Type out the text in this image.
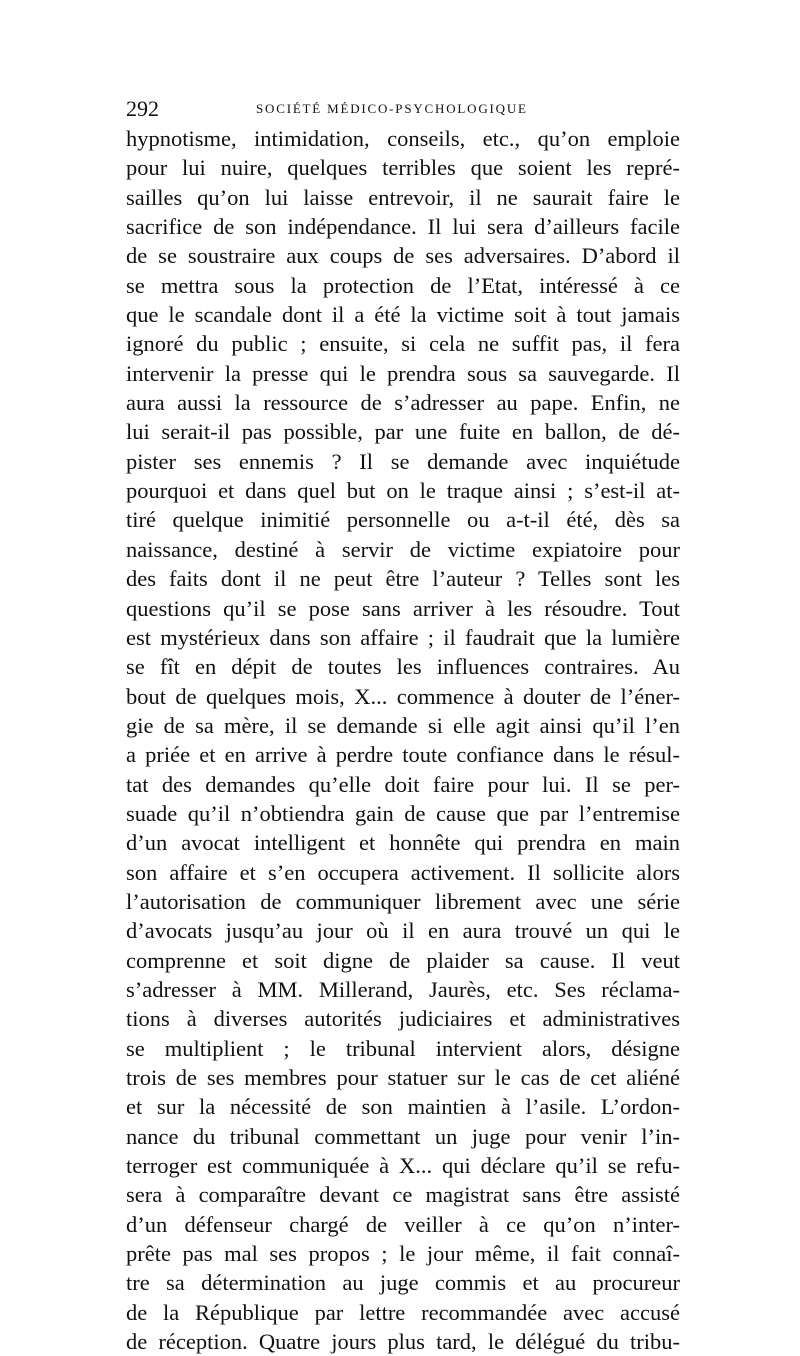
292	SOCIÉTÉ MÉDICO-PSYCHOLOGIQUE
hypnotisme, intimidation, conseils, etc., qu’on emploie
pour lui nuire, quelques terribles que soient les repré-
sailles qu’on lui laisse entrevoir, il ne saurait faire le
sacrifice de son indépendance. Il lui sera d’ailleurs facile
de se soustraire aux coups de ses adversaires. D’abord il
se mettra sous la protection de l’Etat, intéressé à ce
que le scandale dont il a été la victime soit à tout jamais
ignoré du public ; ensuite, si cela ne suffit pas, il fera
intervenir la presse qui le prendra sous sa sauvegarde. Il
aura aussi la ressource de s’adresser au pape. Enfin, ne
lui serait-il pas possible, par une fuite en ballon, de dé-
pister ses ennemis ? Il se demande avec inquiétude
pourquoi et dans quel but on le traque ainsi ; s’est-il at-
tiré quelque inimitié personnelle ou a-t-il été, dès sa
naissance, destiné à servir de victime expiatoire pour
des faits dont il ne peut être l’auteur ? Telles sont les
questions qu’il se pose sans arriver à les résoudre. Tout
est mystérieux dans son affaire ; il faudrait que la lumière
se fît en dépit de toutes les influences contraires. Au
bout de quelques mois, X... commence à douter de l’éner-
gie de sa mère, il se demande si elle agit ainsi qu’il l’en
a priée et en arrive à perdre toute confiance dans le résul-
tat des demandes qu’elle doit faire pour lui. Il se per-
suade qu’il n’obtiendra gain de cause que par l’entremise
d’un avocat intelligent et honnête qui prendra en main
son affaire et s’en occupera activement. Il sollicite alors
l’autorisation de communiquer librement avec une série
d’avocats jusqu’au jour où il en aura trouvé un qui le
comprenne et soit digne de plaider sa cause. Il veut
s’adresser à MM. Millerand, Jaurès, etc. Ses réclama-
tions à diverses autorités judiciaires et administratives
se multiplient ; le tribunal intervient alors, désigne
trois de ses membres pour statuer sur le cas de cet aliéné
et sur la nécessité de son maintien à l’asile. L’ordon-
nance du tribunal commettant un juge pour venir l’in-
terroger est communiquée à X... qui déclare qu’il se refu-
sera à comparaître devant ce magistrat sans être assisté
d’un défenseur chargé de veiller à ce qu’on n’inter-
prête pas mal ses propos ; le jour même, il fait connaî-
tre sa détermination au juge commis et au procureur
de la République par lettre recommandée avec accusé
de réception. Quatre jours plus tard, le délégué du tribu-
